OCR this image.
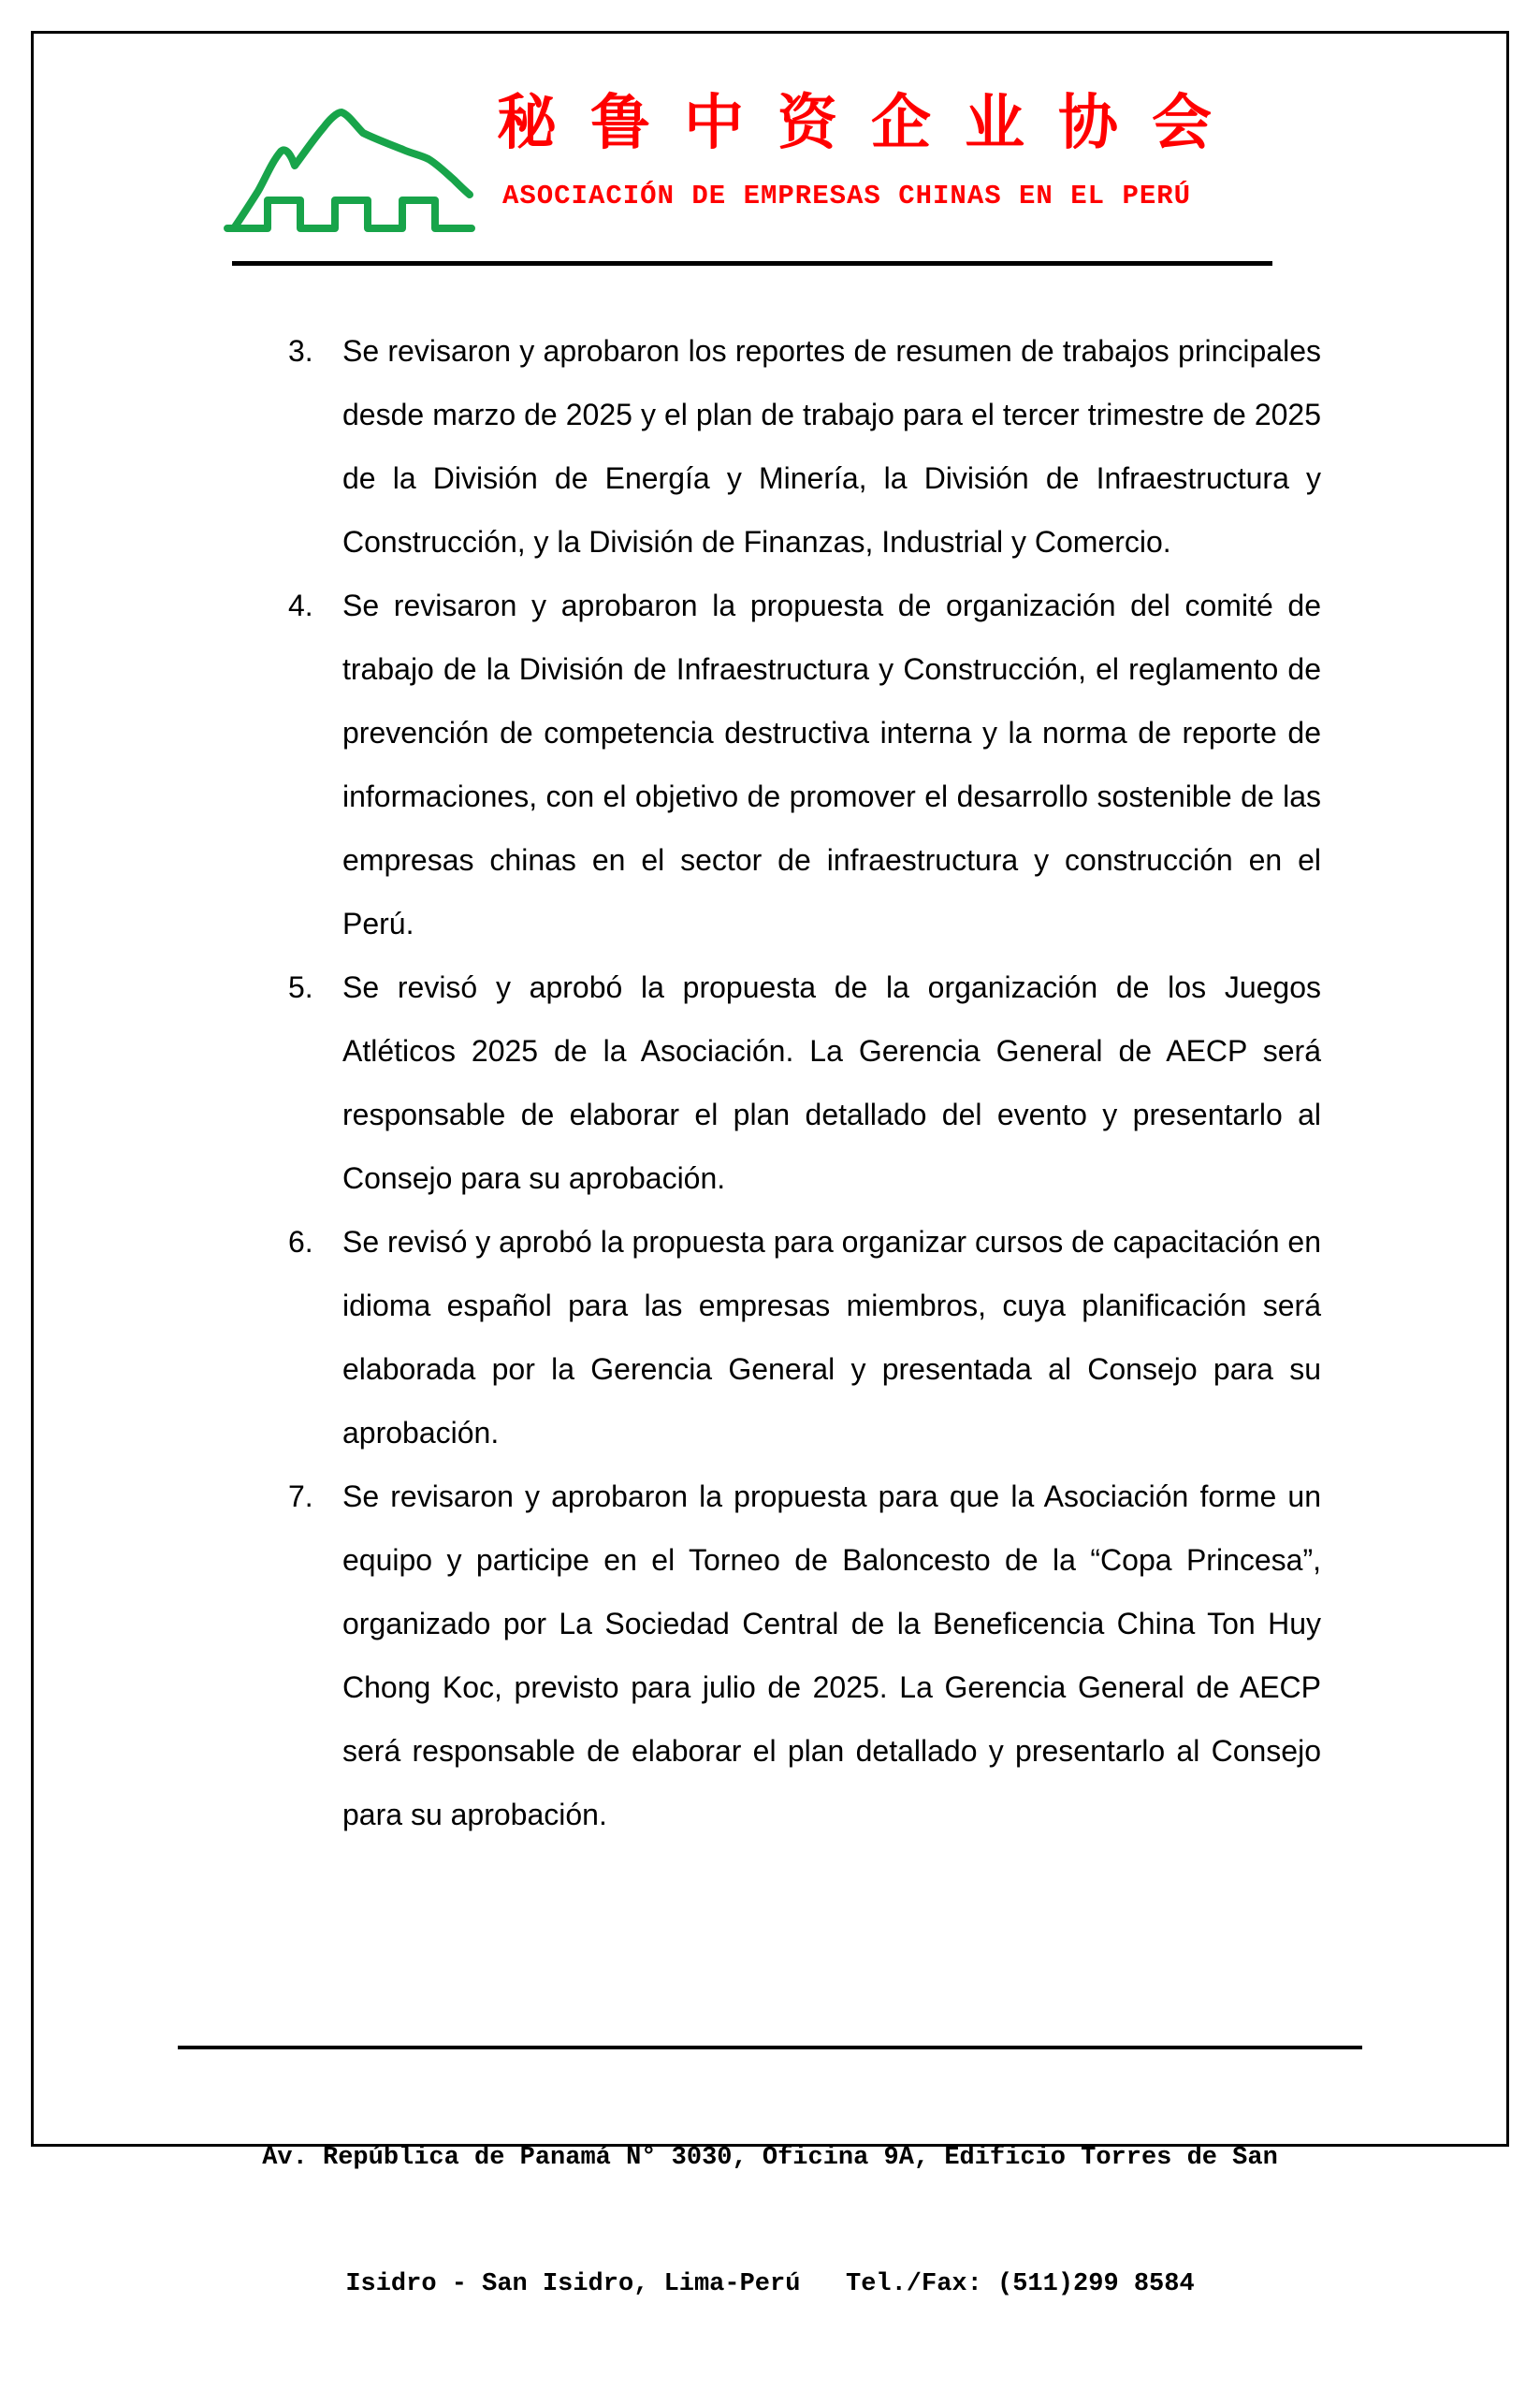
秘鲁中资企业协会
ASOCIACIÓN DE EMPRESAS CHINAS EN EL PERÚ
3. Se revisaron y aprobaron los reportes de resumen de trabajos principales desde marzo de 2025 y el plan de trabajo para el tercer trimestre de 2025 de la División de Energía y Minería, la División de Infraestructura y Construcción, y la División de Finanzas, Industrial y Comercio.
4. Se revisaron y aprobaron la propuesta de organización del comité de trabajo de la División de Infraestructura y Construcción, el reglamento de prevención de competencia destructiva interna y la norma de reporte de informaciones, con el objetivo de promover el desarrollo sostenible de las empresas chinas en el sector de infraestructura y construcción en el Perú.
5. Se revisó y aprobó la propuesta de la organización de los Juegos Atléticos 2025 de la Asociación. La Gerencia General de AECP será responsable de elaborar el plan detallado del evento y presentarlo al Consejo para su aprobación.
6. Se revisó y aprobó la propuesta para organizar cursos de capacitación en idioma español para las empresas miembros, cuya planificación será elaborada por la Gerencia General y presentada al Consejo para su aprobación.
7. Se revisaron y aprobaron la propuesta para que la Asociación forme un equipo y participe en el Torneo de Baloncesto de la “Copa Princesa”, organizado por La Sociedad Central de la Beneficencia China Ton Huy Chong Koc, previsto para julio de 2025. La Gerencia General de AECP será responsable de elaborar el plan detallado y presentarlo al Consejo para su aprobación.

Av. República de Panamá N° 3030, Oficina 9A, Edificio Torres de San

Isidro - San Isidro, Lima-Perú   Tel./Fax: (511)299 8584
